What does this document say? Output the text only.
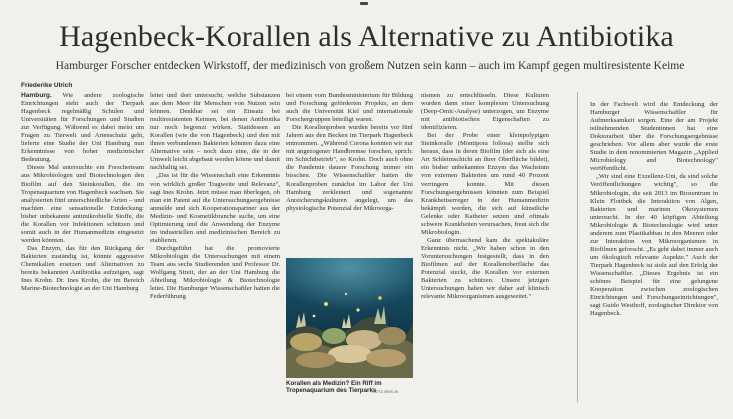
Hagenbeck-Korallen als Alternative zu Antibiotika

Hamburger Forscher entdecken Wirkstoff, der medizinisch von großem Nutzen sein kann – auch im Kampf gegen multiresistente Keime

Friederike Ulrich

Hamburg. Wie andere zoologische Einrichtungen steht auch der Tierpark Hagenbeck regelmäßig Schulen und Universitäten für Forschungen und Studien zur Verfügung. Während es dabei meist um Fragen zu Tierwelt und Artenschutz geht, lieferte eine Studie der Uni Hamburg nun Erkenntnisse von hoher medizinischer Bedeutung.

Dieses Mal untersuchte ein Forscherteam aus Mikrobiologen und Biotechnologen den Biofilm auf den Steinkorallen, die im Tropenaquarium von Hagenbeck wachsen. Sie analysierten fünf unterschiedliche Arten – und machten eine sensationelle Entdeckung: bisher unbekannte antimikrobielle Stoffe, die die Korallen vor Infektionen schützen und somit auch in der Humanmedizin eingesetzt werden könnten.

Das Enzym, das für den Rückgang der Bakterien zuständig ist, könnte aggressive Chemikalien ersetzen und Alternativen zu bereits bekannten Antibiotika aufzeigen, sagt Ines Krohn. Dr. Ines Krohn, die im Bereich Marine-Biotechnologie an der Uni Hamburg

leitet und dort untersucht, welche Substanzen aus dem Meer für Menschen von Nutzen sein können. Denkbar sei ein Einsatz bei multiresistenten Keimen, bei denen Antibiotika nur noch begrenzt wirken. Stattdessen an Korallen (wie die von Hagenbeck) und den mit ihnen verbundenen Bakterien könnten dazu eine Alternative sein – noch dazu eine, die in der Umwelt leicht abgebaut werden könne und damit nachhaltig sei.

„Das ist für die Wissenschaft eine Erkenntnis von wirklich großer Tragweite und Relevanz", sagt Ines Krohn. Jetzt müsse man überlegen, ob man ein Patent auf die Untersuchungsergebnisse anmelde und sich Kooperationspartner aus der Medizin- und Kosmetikbranche suche, um eine Optimierung und die Anwendung der Enzyme im industriellen und medizinischen Bereich zu etablieren.

Durchgeführt hat die promovierte Mikrobiologin die Untersuchungen mit einem Team aus sechs Studierenden und Professor Dr. Wolfgang Streit, der an der Uni Hamburg die Abteilung Mikrobiologie & Biotechnologie leitet. Die Hamburger Wissenschaftler hatten die Federführung

bei einem vom Bundesministerium für Bildung und Forschung geförderten Projekts, an dem auch die Universität Kiel und internationale Forschergruppen beteiligt waren.

Die Korallenproben wurden bereits vor fünf Jahren aus den Becken im Tierpark Hagenbeck entnommen. „Während Corona konnten wir nur mit angezogener Handbremse forschen, sprich: im Schichtbetrieb", so Krohn. Doch auch ohne die Pandemie dauere Forschung immer ein bisschen. Die Wissenschaftler hatten die Korallenproben zunächst im Labor der Uni Hamburg zerkleinert und sogenannte Anreicherungskulturen angelegt, um das physiologische Potenzial der Mikroorga-

Korallen als Medizin? Ein Riff im Tropenaquarium des Tierparks
GÖTZ BERLIK

nismen zu entschlüsseln. Diese Kulturen wurden dann einer komplexen Untersuchung (Deep-Omic-Analyse) unterzogen, um Enzyme mit antibiotischen Eigenschaften zu identifizieren.

Bei der Probe einer kleinpolypigen Steinkoralle (Montipora foliosa) stellte sich heraus, dass in deren Biofilm (der sich als eine Art Schleimschicht an ihrer Oberfläche bildet), ein bisher unbekanntes Enzym das Wachstum von externen Bakterien um rund 40 Prozent verringern konnte. Mit diesen Forschungsergebnissen könnten zum Beispiel Krankheitserreger in der Humanmedizin bekämpft werden, die sich auf künstliche Gelenke oder Katheter setzen und oftmals schwere Krankheiten verursachen, freut sich die Mikrobiologin.

Ganz überraschend kam die spektakuläre Erkenntnis nicht. „Wir haben schon in den Voruntersuchungen festgestellt, dass in den Biofilmen auf der Korallenoberfläche das Potenzial steckt, die Korallen vor externen Bakterien zu schützen. Unsere jetzigen Untersuchungen haben wir daher auf klinisch relevante Mikroorganismen ausgeweitet."

In der Fachwelt wird die Entdeckung der Hamburger Wissenschaftler für Aufmerksamkeit sorgen. Eine der am Projekt teilnehmenden Studentinnen hat eine Doktorarbeit über die Forschungsergebnisse geschrieben. Vor allem aber wurde die erste Studie in dem renommierten Magazin „Applied Microbiology and Biotechnology" veröffentlicht.

„Wir sind eine Exzellenz-Uni, da sind solche Veröffentlichungen wichtig", so die Mikrobiologin, die seit 2013 im Biozentrum in Klein Flottbek die Interaktion von Algen, Bakterien und marinen Ökosystemen untersucht. In der 40 köpfigen Abteilung Mikrobiologie & Biotechnologie wird unter anderem zum Plastikabbau in den Meeren oder zur Interaktion von Mikroorganismen in Biofilmen geforscht. „Es geht dabei immer auch um ökologisch relevante Aspekte." Auch der Tierpark Hagenbeck ist stolz auf den Erfolg der Wissenschaftler. „Dieses Ergebnis ist ein schönes Beispiel für eine gelungene Kooperation zwischen zoologischen Einrichtungen und Forschungseinrichtungen", sagt Guido Westhoff, zoologischer Direktor von Hagenbeck.
